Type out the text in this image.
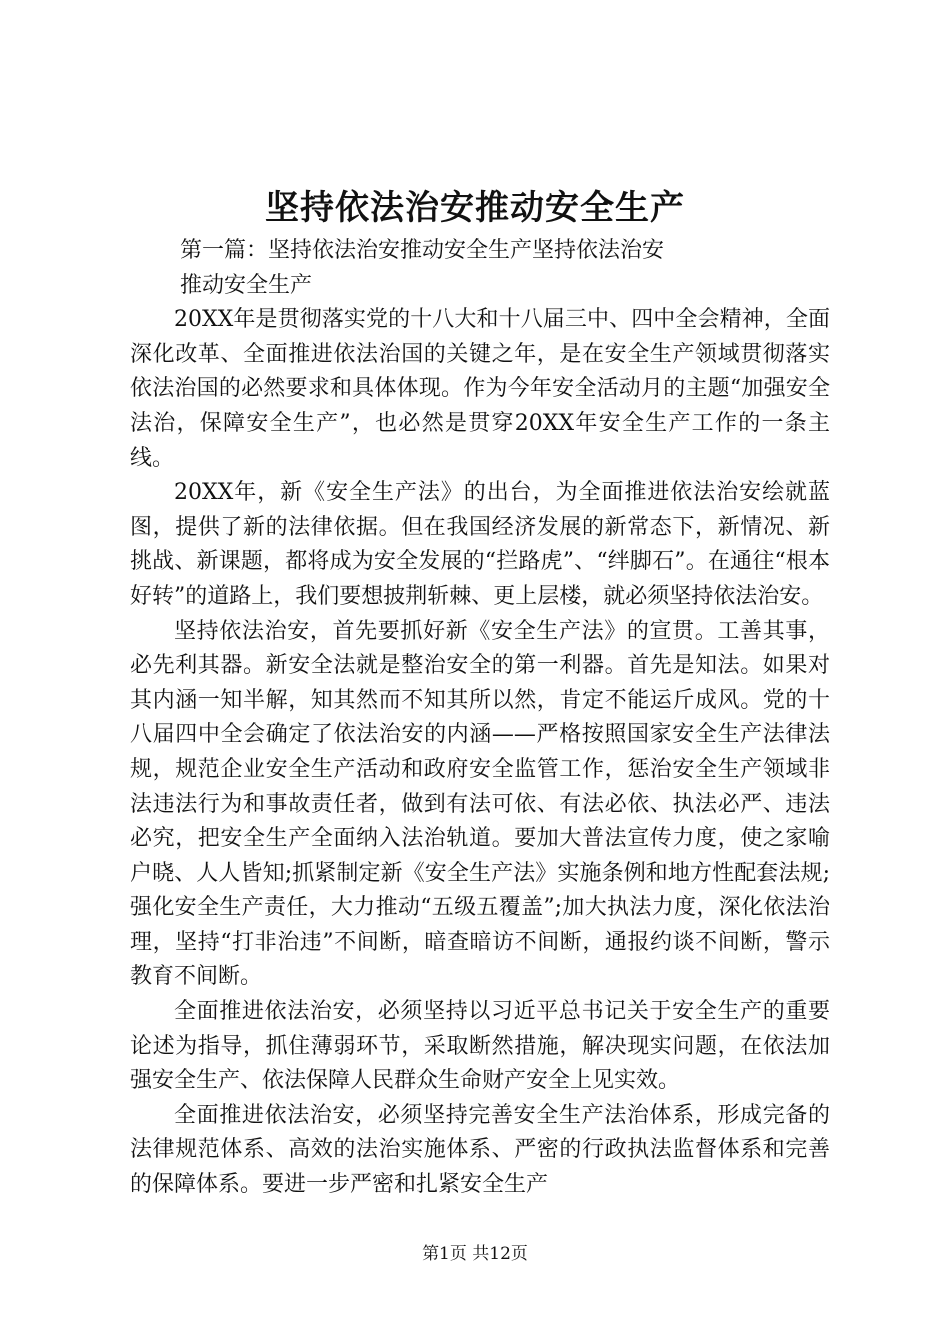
坚持依法治安推动安全生产

第一篇：坚持依法治安推动安全生产坚持依法治安

推动安全生产

20XX年是贯彻落实党的十八大和十八届三中、四中全会精神，全面深化改革、全面推进依法治国的关键之年，是在安全生产领域贯彻落实依法治国的必然要求和具体体现。作为今年安全活动月的主题“加强安全法治，保障安全生产”，也必然是贯穿20XX年安全生产工作的一条主线。

20XX年，新《安全生产法》的出台，为全面推进依法治安绘就蓝图，提供了新的法律依据。但在我国经济发展的新常态下，新情况、新挑战、新课题，都将成为安全发展的“拦路虎”、“绊脚石”。在通往“根本好转”的道路上，我们要想披荆斩棘、更上层楼，就必须坚持依法治安。

坚持依法治安，首先要抓好新《安全生产法》的宣贯。工善其事，必先利其器。新安全法就是整治安全的第一利器。首先是知法。如果对其内涵一知半解，知其然而不知其所以然，肯定不能运斤成风。党的十八届四中全会确定了依法治安的内涵——严格按照国家安全生产法律法规，规范企业安全生产活动和政府安全监管工作，惩治安全生产领域非法违法行为和事故责任者，做到有法可依、有法必依、执法必严、违法必究，把安全生产全面纳入法治轨道。要加大普法宣传力度，使之家喻户晓、人人皆知;抓紧制定新《安全生产法》实施条例和地方性配套法规;强化安全生产责任，大力推动“五级五覆盖”;加大执法力度，深化依法治理，坚持“打非治违”不间断，暗查暗访不间断，通报约谈不间断，警示教育不间断。

全面推进依法治安，必须坚持以习近平总书记关于安全生产的重要论述为指导，抓住薄弱环节，采取断然措施，解决现实问题，在依法加强安全生产、依法保障人民群众生命财产安全上见实效。

全面推进依法治安，必须坚持完善安全生产法治体系，形成完备的法律规范体系、高效的法治实施体系、严密的行政执法监督体系和完善的保障体系。要进一步严密和扎紧安全生产

第1页 共12页
